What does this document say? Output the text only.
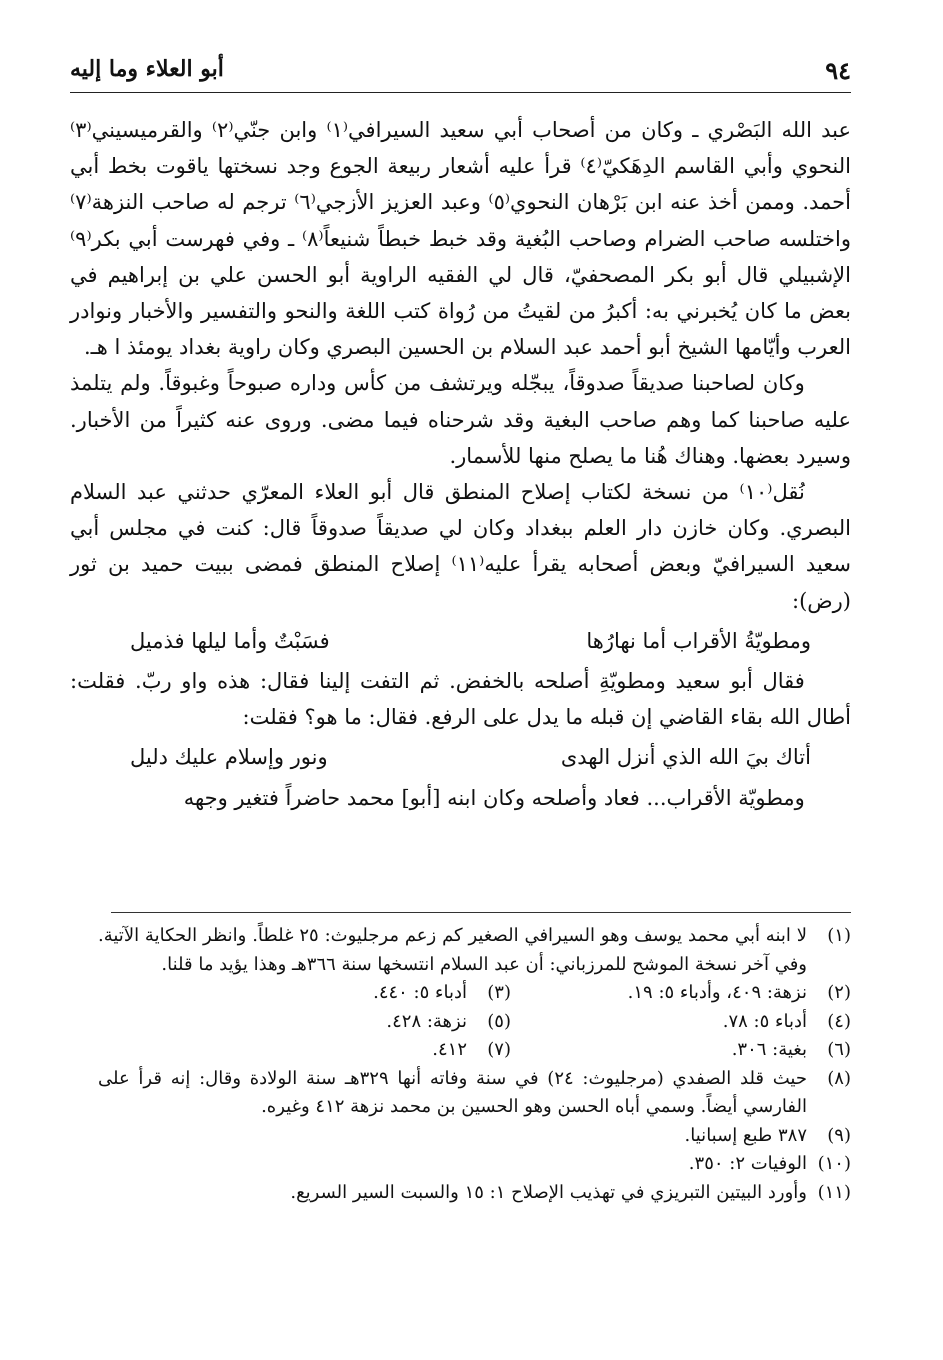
٩٤
أبو العلاء وما إليه

عبد الله البَصْري ـ وكان من أصحاب أبي سعيد السيرافي⁽١⁾ وابن جنّي⁽٢⁾ والقرميسيني⁽٣⁾ النحوي وأبي القاسم الدِهَكيّ⁽٤⁾ قرأ عليه أشعار ربيعة الجوع وجد نسختها ياقوت بخط أبي أحمد. وممن أخذ عنه ابن بَرْهان النحوي⁽٥⁾ وعبد العزيز الأزجي⁽٦⁾ ترجم له صاحب النزهة⁽٧⁾ واختلسه صاحب الضرام وصاحب البُغية وقد خبط خبطاً شنيعاً⁽٨⁾ ـ وفي فهرست أبي بكر⁽٩⁾ الإشبيلي قال أبو بكر المصحفيّ، قال لي الفقيه الراوية أبو الحسن علي بن إبراهيم في بعض ما كان يُخبرني به: أكبرُ من لقيتُ من رُواة كتب اللغة والنحو والتفسير والأخبار ونوادر العرب وأيّامها الشيخ أبو أحمد عبد السلام بن الحسين البصري وكان راوية بغداد يومئذ ا هـ.

وكان لصاحبنا صديقاً صدوقاً، يبجّله ويرتشف من كأس وداره صبوحاً وغبوقاً. ولم يتلمذ عليه صاحبنا كما وهم صاحب البغية وقد شرحناه فيما مضى. وروى عنه كثيراً من الأخبار. وسيرد بعضها. وهناك هُنا ما يصلح منها للأسمار.

نُقل⁽١٠⁾ من نسخة لكتاب إصلاح المنطق قال أبو العلاء المعرّي حدثني عبد السلام البصري. وكان خازن دار العلم ببغداد وكان لي صديقاً صدوقاً قال: كنت في مجلس أبي سعيد السيرافيّ وبعض أصحابه يقرأ عليه⁽١١⁾ إصلاح المنطق فمضى ببيت حميد بن ثور (رض):

ومطويّةُ الأقراب أما نهارُها
فسَبْتٌ وأما ليلها فذميل

فقال أبو سعيد ومطويّةِ أصلحه بالخفض. ثم التفت إلينا فقال: هذه واو ربّ. فقلت: أطال الله بقاء القاضي إن قبله ما يدل على الرفع. فقال: ما هو؟ فقلت:

أتاك بيَ الله الذي أنزل الهدى
ونور وإسلام عليك دليل

ومطويّة الأقراب... فعاد وأصلحه وكان ابنه [أبو] محمد حاضراً فتغير وجهه

(١)
لا ابنه أبي محمد يوسف وهو السيرافي الصغير كم زعم مرجليوث: ٢٥ غلطاً. وانظر الحكاية الآتية. وفي آخر نسخة الموشح للمرزباني: أن عبد السلام انتسخها سنة ٣٦٦هـ وهذا يؤيد ما قلنا.
(٢)
نزهة: ٤٠٩، وأدباء ٥: ١٩.
(٣)
أدباء ٥: ٤٤٠.
(٤)
أدباء ٥: ٧٨.
(٥)
نزهة: ٤٢٨.
(٦)
بغية: ٣٠٦.
(٧)
٤١٢.
(٨)
حيث قلد الصفدي (مرجليوث: ٢٤) في سنة وفاته أنها ٣٢٩هـ سنة الولادة وقال: إنه قرأ على الفارسي أيضاً. وسمي أباه الحسن وهو الحسين بن محمد نزهة ٤١٢ وغيره.
(٩)
٣٨٧ طبع إسبانيا.
(١٠)
الوفيات ٢: ٣٥٠.
(١١)
وأورد البيتين التبريزي في تهذيب الإصلاح ١: ١٥ والسبت السير السريع.
